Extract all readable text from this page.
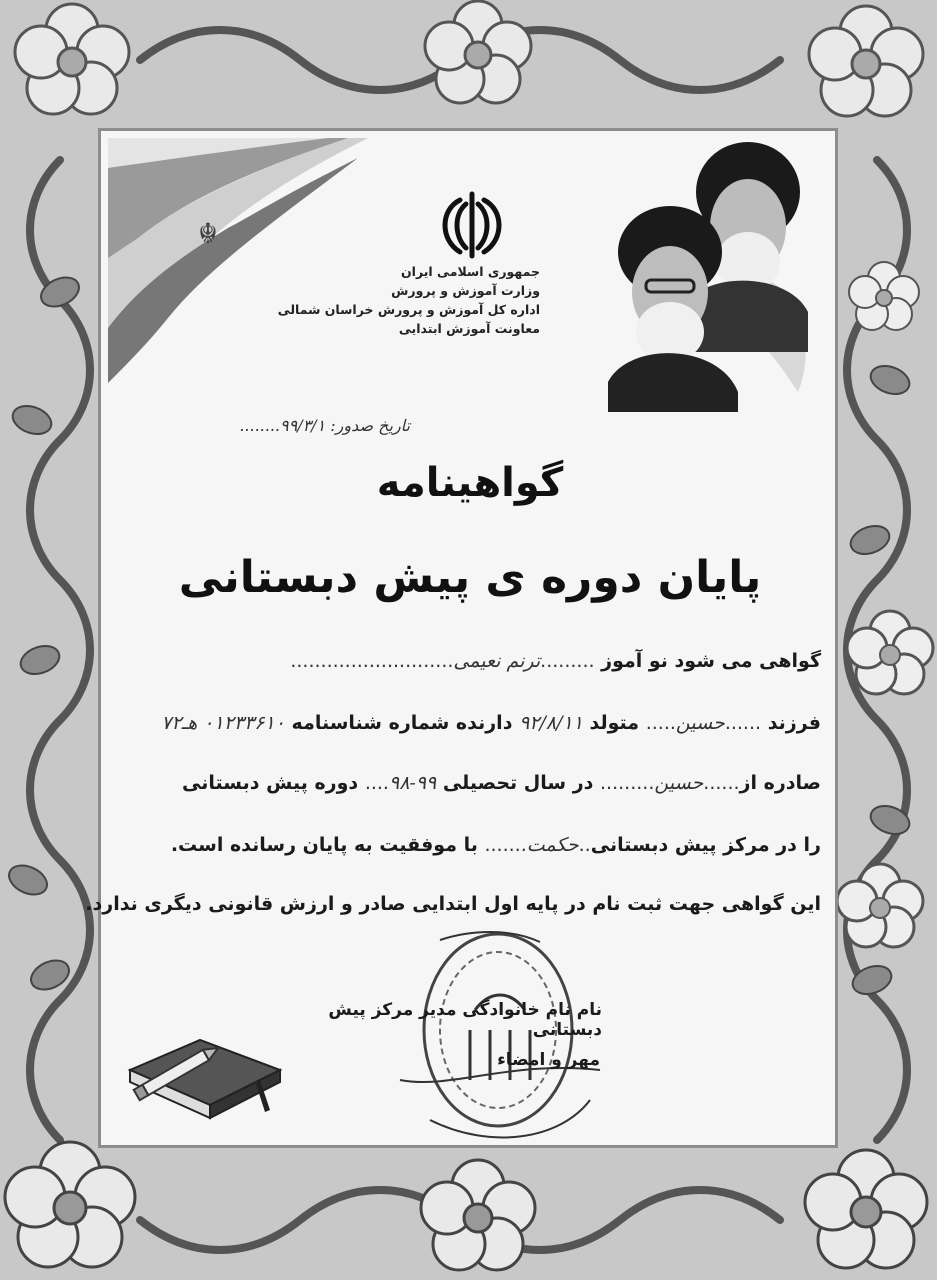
☬
جمهوری اسلامی ایران
وزارت آموزش و پرورش
اداره کل آموزش و پرورش خراسان شمالی
معاونت آموزش ابتدایی
تاریخ صدور: ۹۹/۳/۱........
گواهینامه
پایان دوره ی پیش دبستانی
گواهی می شود نو آموز .........ترنم نعیمی...........................
فرزند ......حسین..... متولد ۹۲/۸/۱۱ دارنده شماره شناسنامه ۰۱۲۳۳۶۱۰ هـ۷۲
صادره از......حسین......... در سال تحصیلی ۹۹-۹۸.... دوره پیش دبستانی
را در مرکز پیش دبستانی..حکمت....... با موفقیت به پایان رسانده است.
این گواهی جهت ثبت نام در پایه اول ابتدایی صادر و ارزش قانونی دیگری ندارد.
نام نام خانوادگی مدیر مرکز پیش دبستانی
مهر و امضاء
